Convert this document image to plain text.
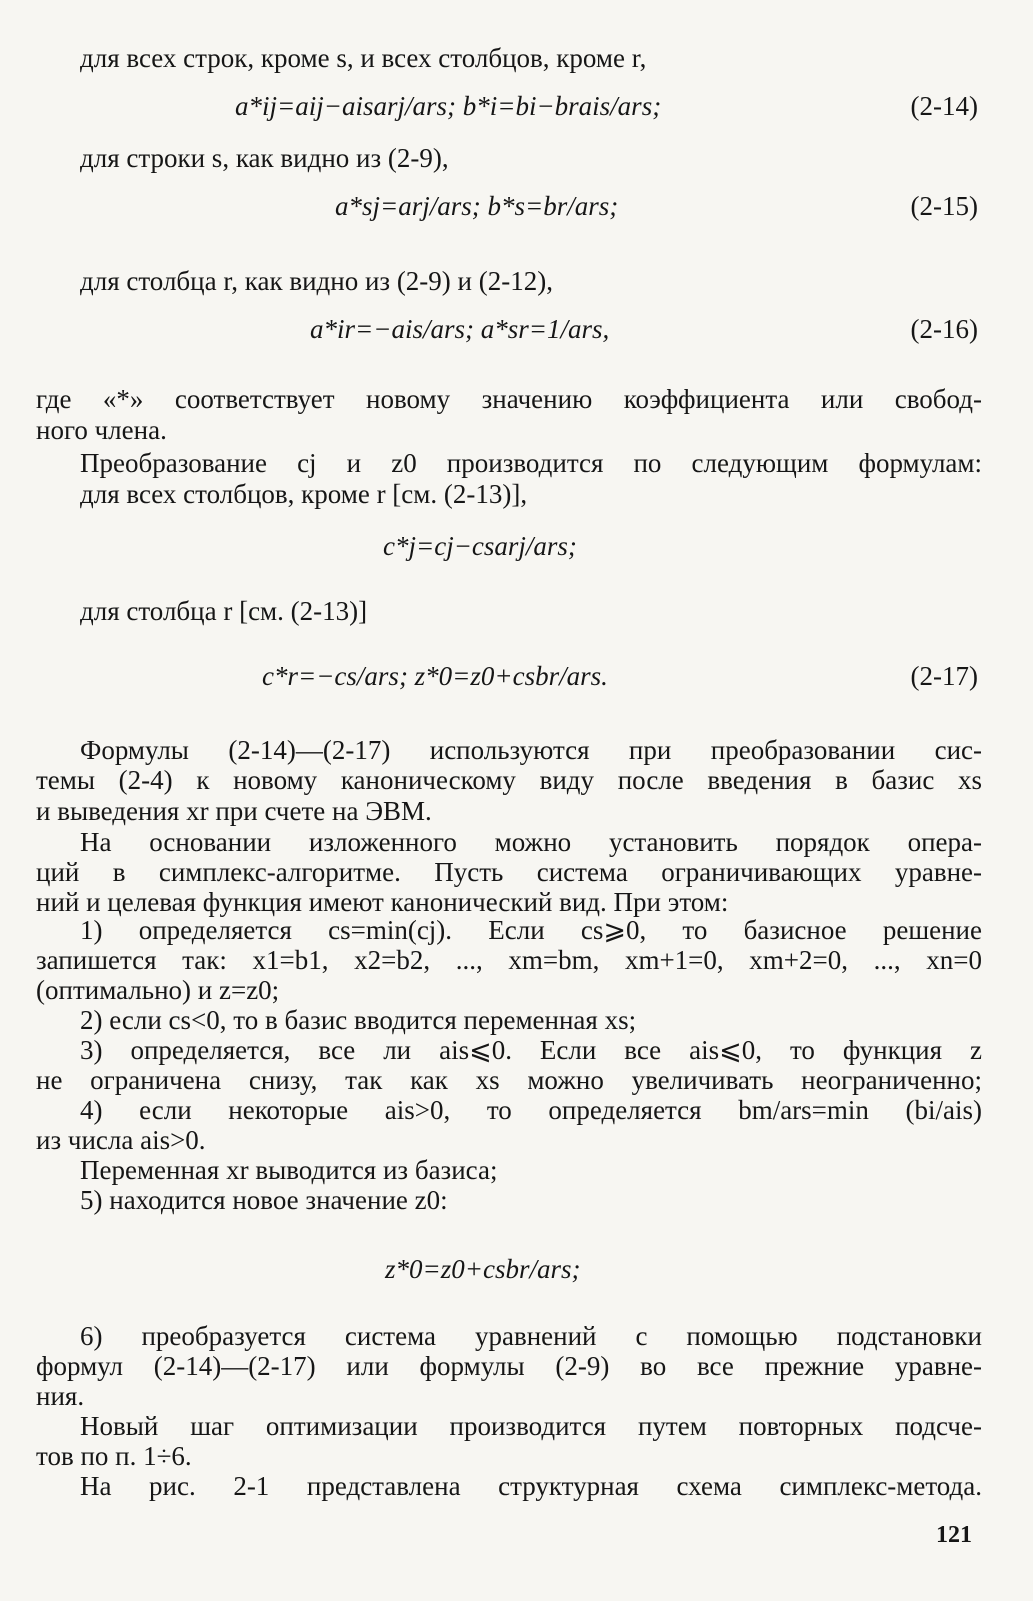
для всех строк, кроме s, и всех столбцов, кроме r,
a*ij=aij−aisarj/ars; b*i=bi−brais/ars;	(2-14)
для строки s, как видно из (2-9),
a*sj=arj/ars; b*s=br/ars;	(2-15)
для столбца r, как видно из (2-9) и (2-12),
a*ir=−ais/ars; a*sr=1/ars,	(2-16)
где «*» соответствует новому значению коэффициента или свобод-
ного члена.
Преобразование cj и z0 производится по следующим формулам:
для всех столбцов, кроме r [см. (2-13)],
c*j=cj−csarj/ars;
для столбца r [см. (2-13)]
c*r=−cs/ars; z*0=z0+csbr/ars.	(2-17)
Формулы (2-14)—(2-17) используются при преобразовании сис-
темы (2-4) к новому каноническому виду после введения в базис xs
и выведения xr при счете на ЭВМ.
На основании изложенного можно установить порядок опера-
ций в симплекс-алгоритме. Пусть система ограничивающих уравне-
ний и целевая функция имеют канонический вид. При этом:
1) определяется cs=min(cj). Если cs⩾0, то базисное решение
запишется так: x1=b1, x2=b2, ..., xm=bm, xm+1=0, xm+2=0, ..., xn=0
(оптимально) и z=z0;
2) если cs<0, то в базис вводится переменная xs;
3) определяется, все ли ais⩽0. Если все ais⩽0, то функция z
не ограничена снизу, так как xs можно увеличивать неограниченно;
4) если некоторые ais>0, то определяется bm/ars=min (bi/ais)
из числа ais>0.
Переменная xr выводится из базиса;
5) находится новое значение z0:
z*0=z0+csbr/ars;
6) преобразуется система уравнений с помощью подстановки
формул (2-14)—(2-17) или формулы (2-9) во все прежние уравне-
ния.
Новый шаг оптимизации производится путем повторных подсче-
тов по п. 1÷6.
На рис. 2-1 представлена структурная схема симплекс-метода.
121
